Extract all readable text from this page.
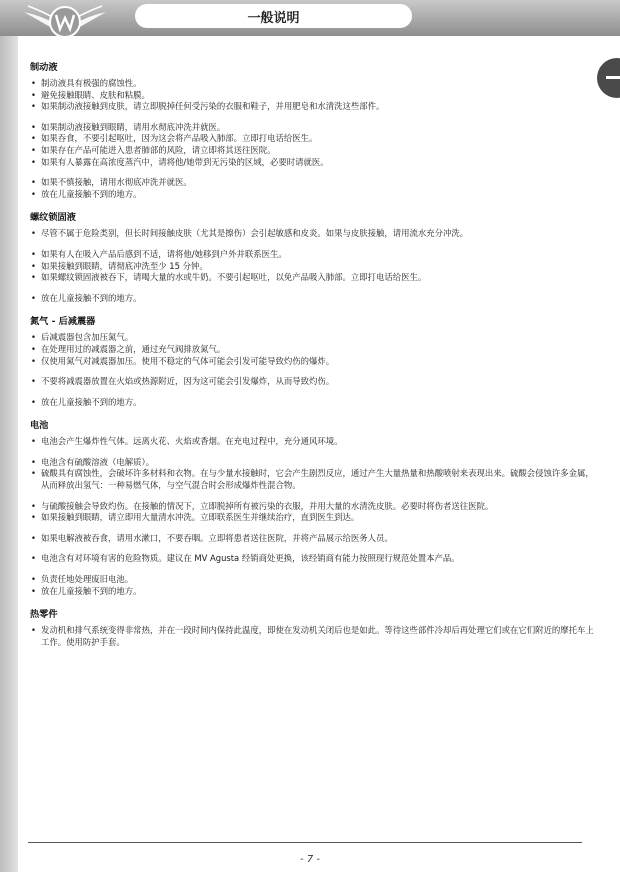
一般说明
制动液
• 制动液具有极强的腐蚀性。
• 避免接触眼睛、皮肤和粘膜。
• 如果制动液接触到皮肤，请立即脱掉任何受污染的衣服和鞋子，并用肥皂和水清洗这些部件。
• 如果制动液接触到眼睛，请用水彻底冲洗并就医。
• 如果吞食，不要引起呕吐，因为这会将产品吸入肺部。立即打电话给医生。
• 如果存在产品可能进入患者肺部的风险，请立即将其送往医院。
• 如果有人暴露在高浓度蒸汽中，请将他/她带到无污染的区域，必要时请就医。
• 如果不慎接触，请用水彻底冲洗并就医。
• 放在儿童接触不到的地方。
螺纹锁固液
• 尽管不属于危险类别，但长时间接触皮肤（尤其是擦伤）会引起敏感和皮炎。如果与皮肤接触，请用流水充分冲洗。
• 如果有人在吸入产品后感到不适，请将他/她移到户外并联系医生。
• 如果接触到眼睛，请彻底冲洗至少 15 分钟。
• 如果螺纹锁固液被吞下，请喝大量的水或牛奶。不要引起呕吐，以免产品吸入肺部。立即打电话给医生。
• 放在儿童接触不到的地方。
氮气 - 后减震器
• 后减震器包含加压氮气。
• 在处理用过的减震器之前，通过充气阀排放氮气。
• 仅使用氮气对减震器加压。使用不稳定的气体可能会引发可能导致灼伤的爆炸。
• 不要将减震器放置在火焰或热源附近，因为这可能会引发爆炸，从而导致灼伤。
• 放在儿童接触不到的地方。
电池
• 电池会产生爆炸性气体。远离火花、火焰或香烟。在充电过程中，充分通风环境。
• 电池含有硫酸溶液（电解质）。
• 硫酸具有腐蚀性，会破坏许多材料和衣物。在与少量水接触时，它会产生剧烈反应，通过产生大量热量和热酸喷射来表现出来。硫酸会侵蚀许多金属，从而释放出氢气：一种易燃气体，与空气混合时会形成爆炸性混合物。
• 与硫酸接触会导致灼伤。在接触的情况下，立即脱掉所有被污染的衣服，并用大量的水清洗皮肤。必要时将伤者送往医院。
• 如果接触到眼睛，请立即用大量清水冲洗。立即联系医生并继续治疗，直到医生到达。
• 如果电解液被吞食，请用水漱口，不要吞咽。立即将患者送往医院，并将产品展示给医务人员。
• 电池含有对环境有害的危险物质。建议在 MV Agusta 经销商处更换，该经销商有能力按照现行规范处置本产品。
• 负责任地处理废旧电池。
• 放在儿童接触不到的地方。
热零件
• 发动机和排气系统变得非常热，并在一段时间内保持此温度，即使在发动机关闭后也是如此。等待这些部件冷却后再处理它们或在它们附近的摩托车上工作。使用防护手套。
- 7 -
